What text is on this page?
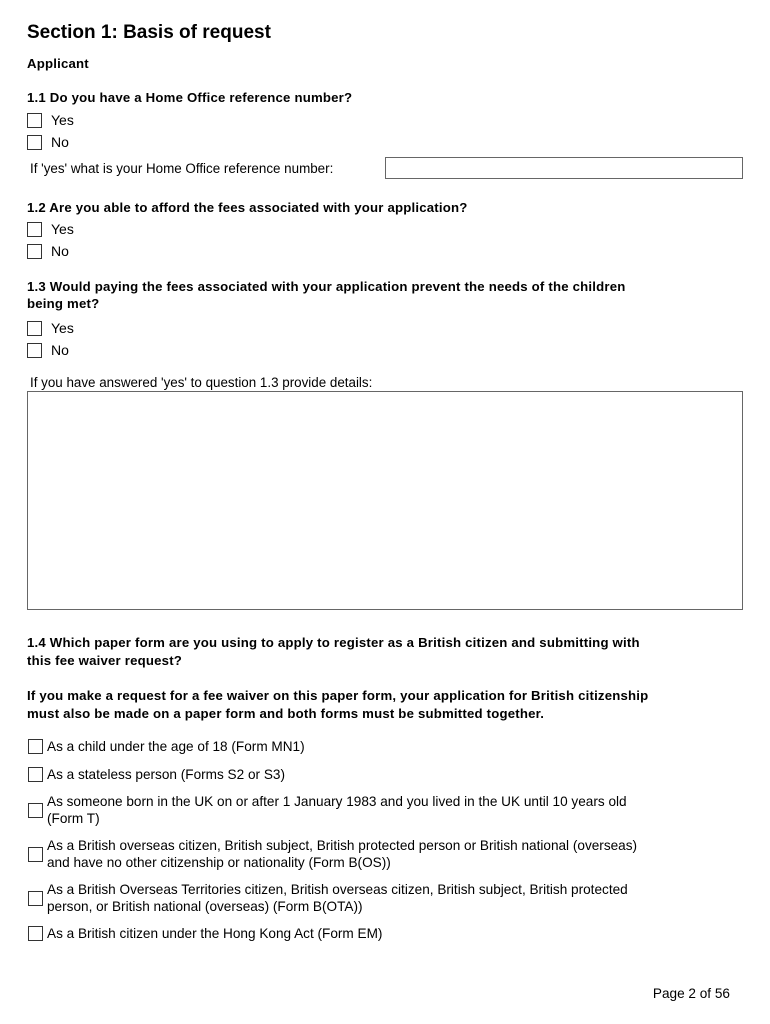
Section 1: Basis of request
Applicant
1.1 Do you have a Home Office reference number?
Yes
No
If 'yes' what is your Home Office reference number:
1.2 Are you able to afford the fees associated with your application?
Yes
No
1.3 Would paying the fees associated with your application prevent the needs of the children
being met?
Yes
No
If you have answered 'yes' to question 1.3 provide details:
1.4 Which paper form are you using to apply to register as a British citizen and submitting with
this fee waiver request?
If you make a request for a fee waiver on this paper form, your application for British citizenship
must also be made on a paper form and both forms must be submitted together.
As a child under the age of 18 (Form MN1)
As a stateless person (Forms S2 or S3)
As someone born in the UK on or after 1 January 1983 and you lived in the UK until 10 years old
(Form T)
As a British overseas citizen, British subject, British protected person or British national (overseas)
and have no other citizenship or nationality (Form B(OS))
As a British Overseas Territories citizen, British overseas citizen, British subject, British protected
person, or British national (overseas) (Form B(OTA))
As a British citizen under the Hong Kong Act (Form EM)
Page 2 of 56
